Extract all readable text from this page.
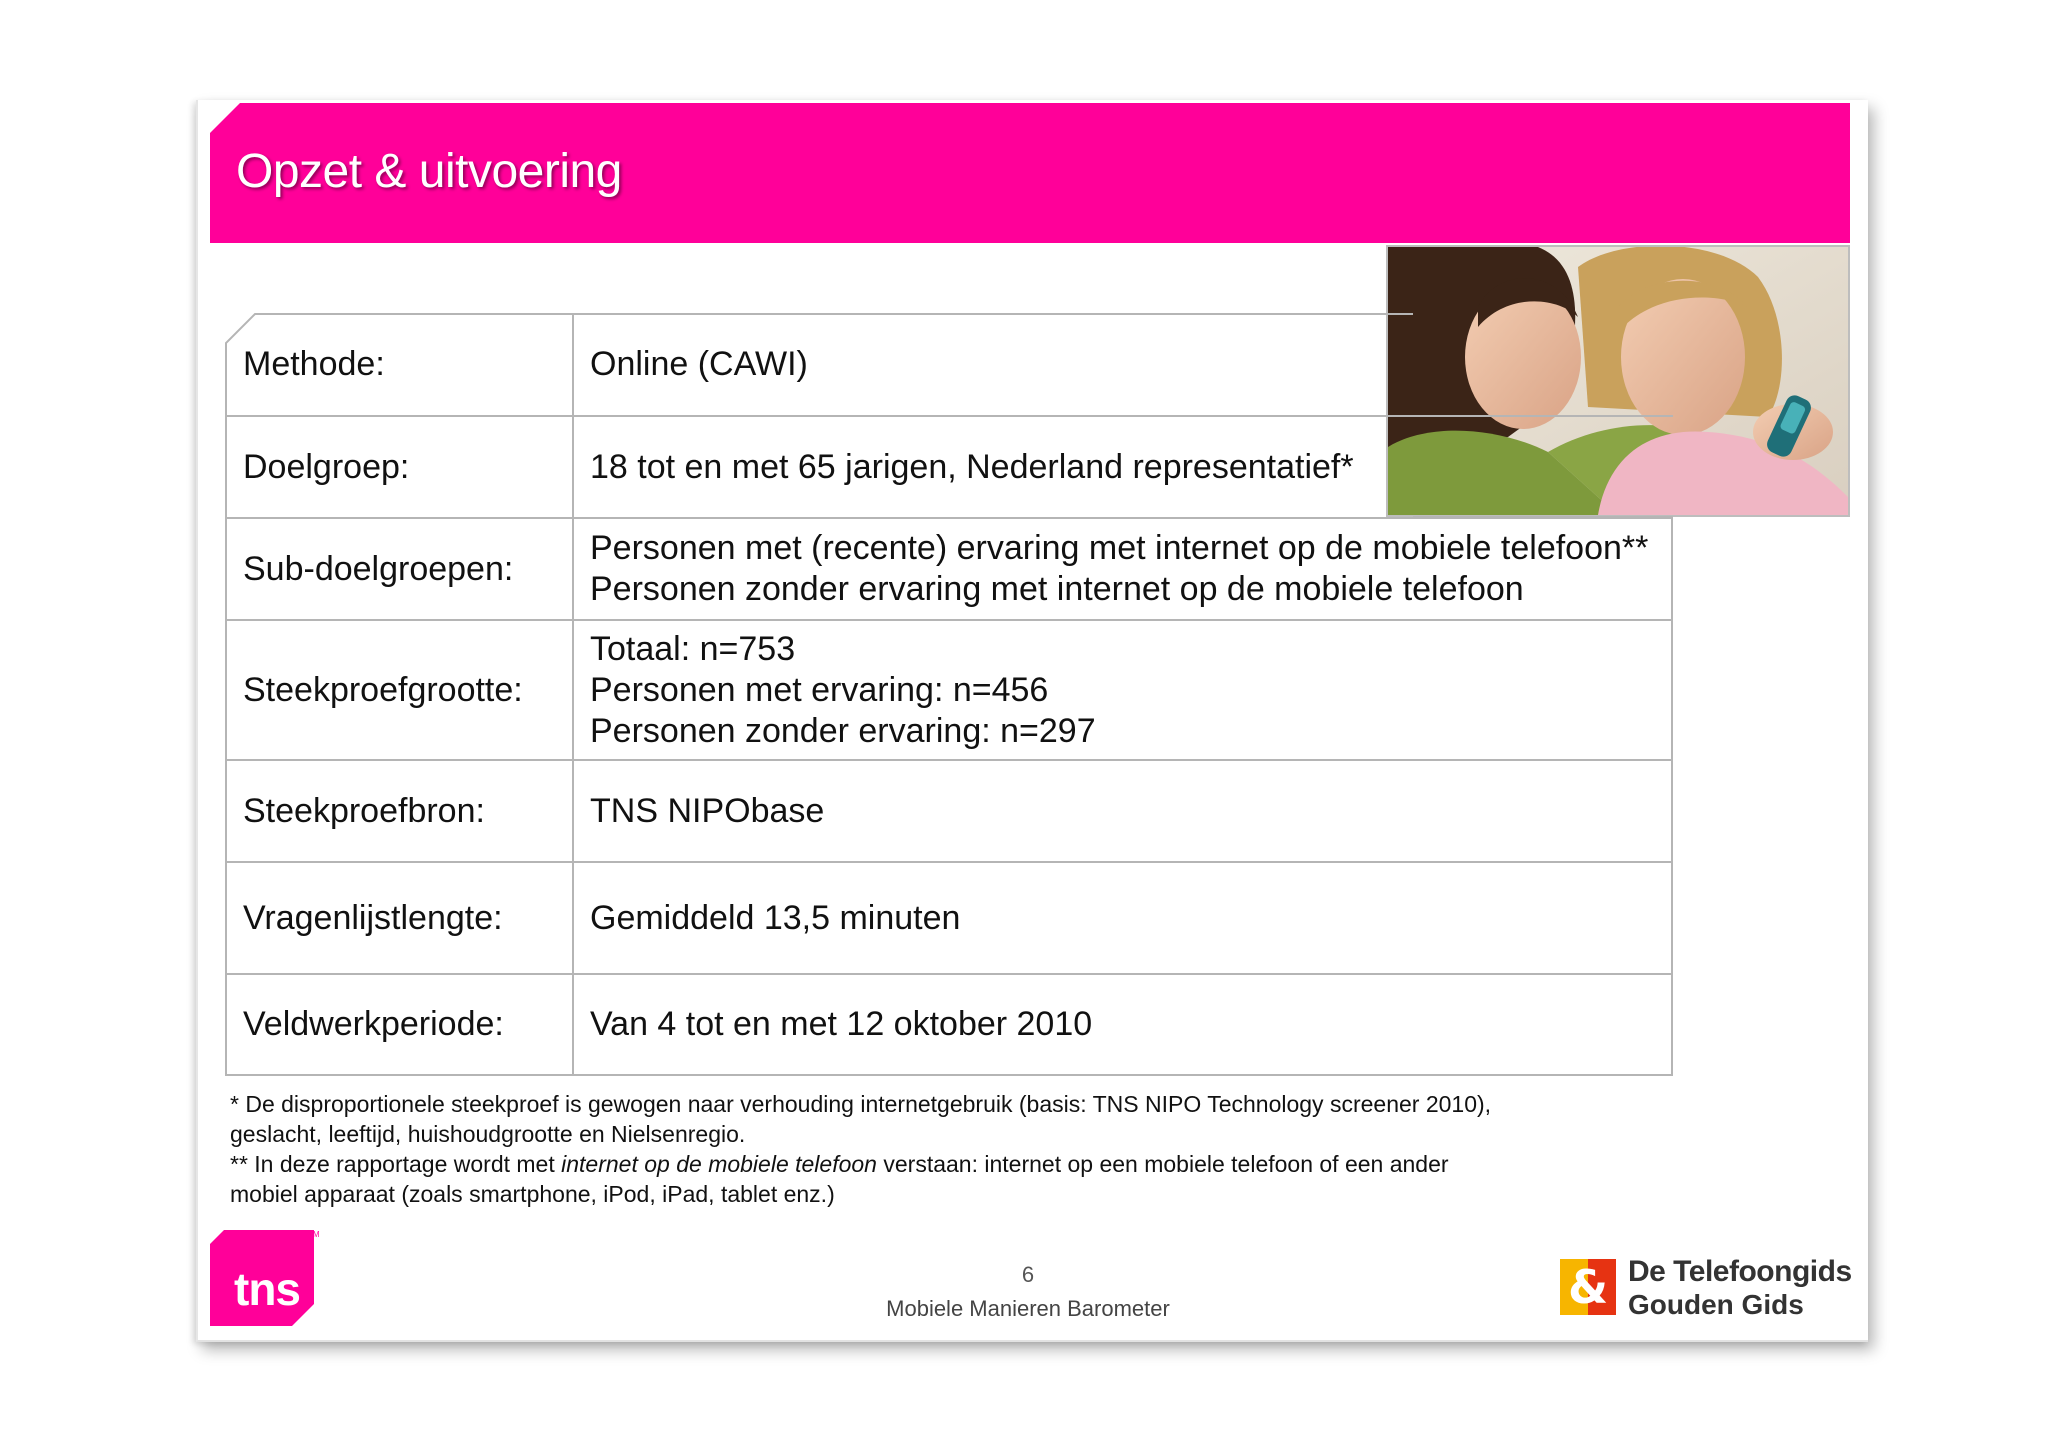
Opzet & uitvoering
Methode:	Online (CAWI)
Doelgroep:	18 tot en met 65 jarigen, Nederland representatief*
Sub-doelgroepen:
Personen met (recente) ervaring met internet op de mobiele telefoon**
Personen zonder ervaring met internet op de mobiele telefoon
Steekproefgrootte:
Totaal: n=753
Personen met ervaring: n=456
Personen zonder ervaring: n=297
Steekproefbron:	TNS NIPObase
Vragenlijstlengte:	Gemiddeld 13,5 minuten
Veldwerkperiode:	Van 4 tot en met 12 oktober 2010

* De disproportionele steekproef is gewogen naar verhouding internetgebruik (basis: TNS NIPO Technology screener 2010),

geslacht, leeftijd, huishoudgrootte en Nielsenregio.

** In deze rapportage wordt met internet op de mobiele telefoon verstaan: internet op een mobiele telefoon of een ander

mobiel apparaat (zoals smartphone, iPod, iPad, tablet enz.)

tns
TM
6
Mobiele Manieren Barometer	& De Telefoongids
Gouden Gids
